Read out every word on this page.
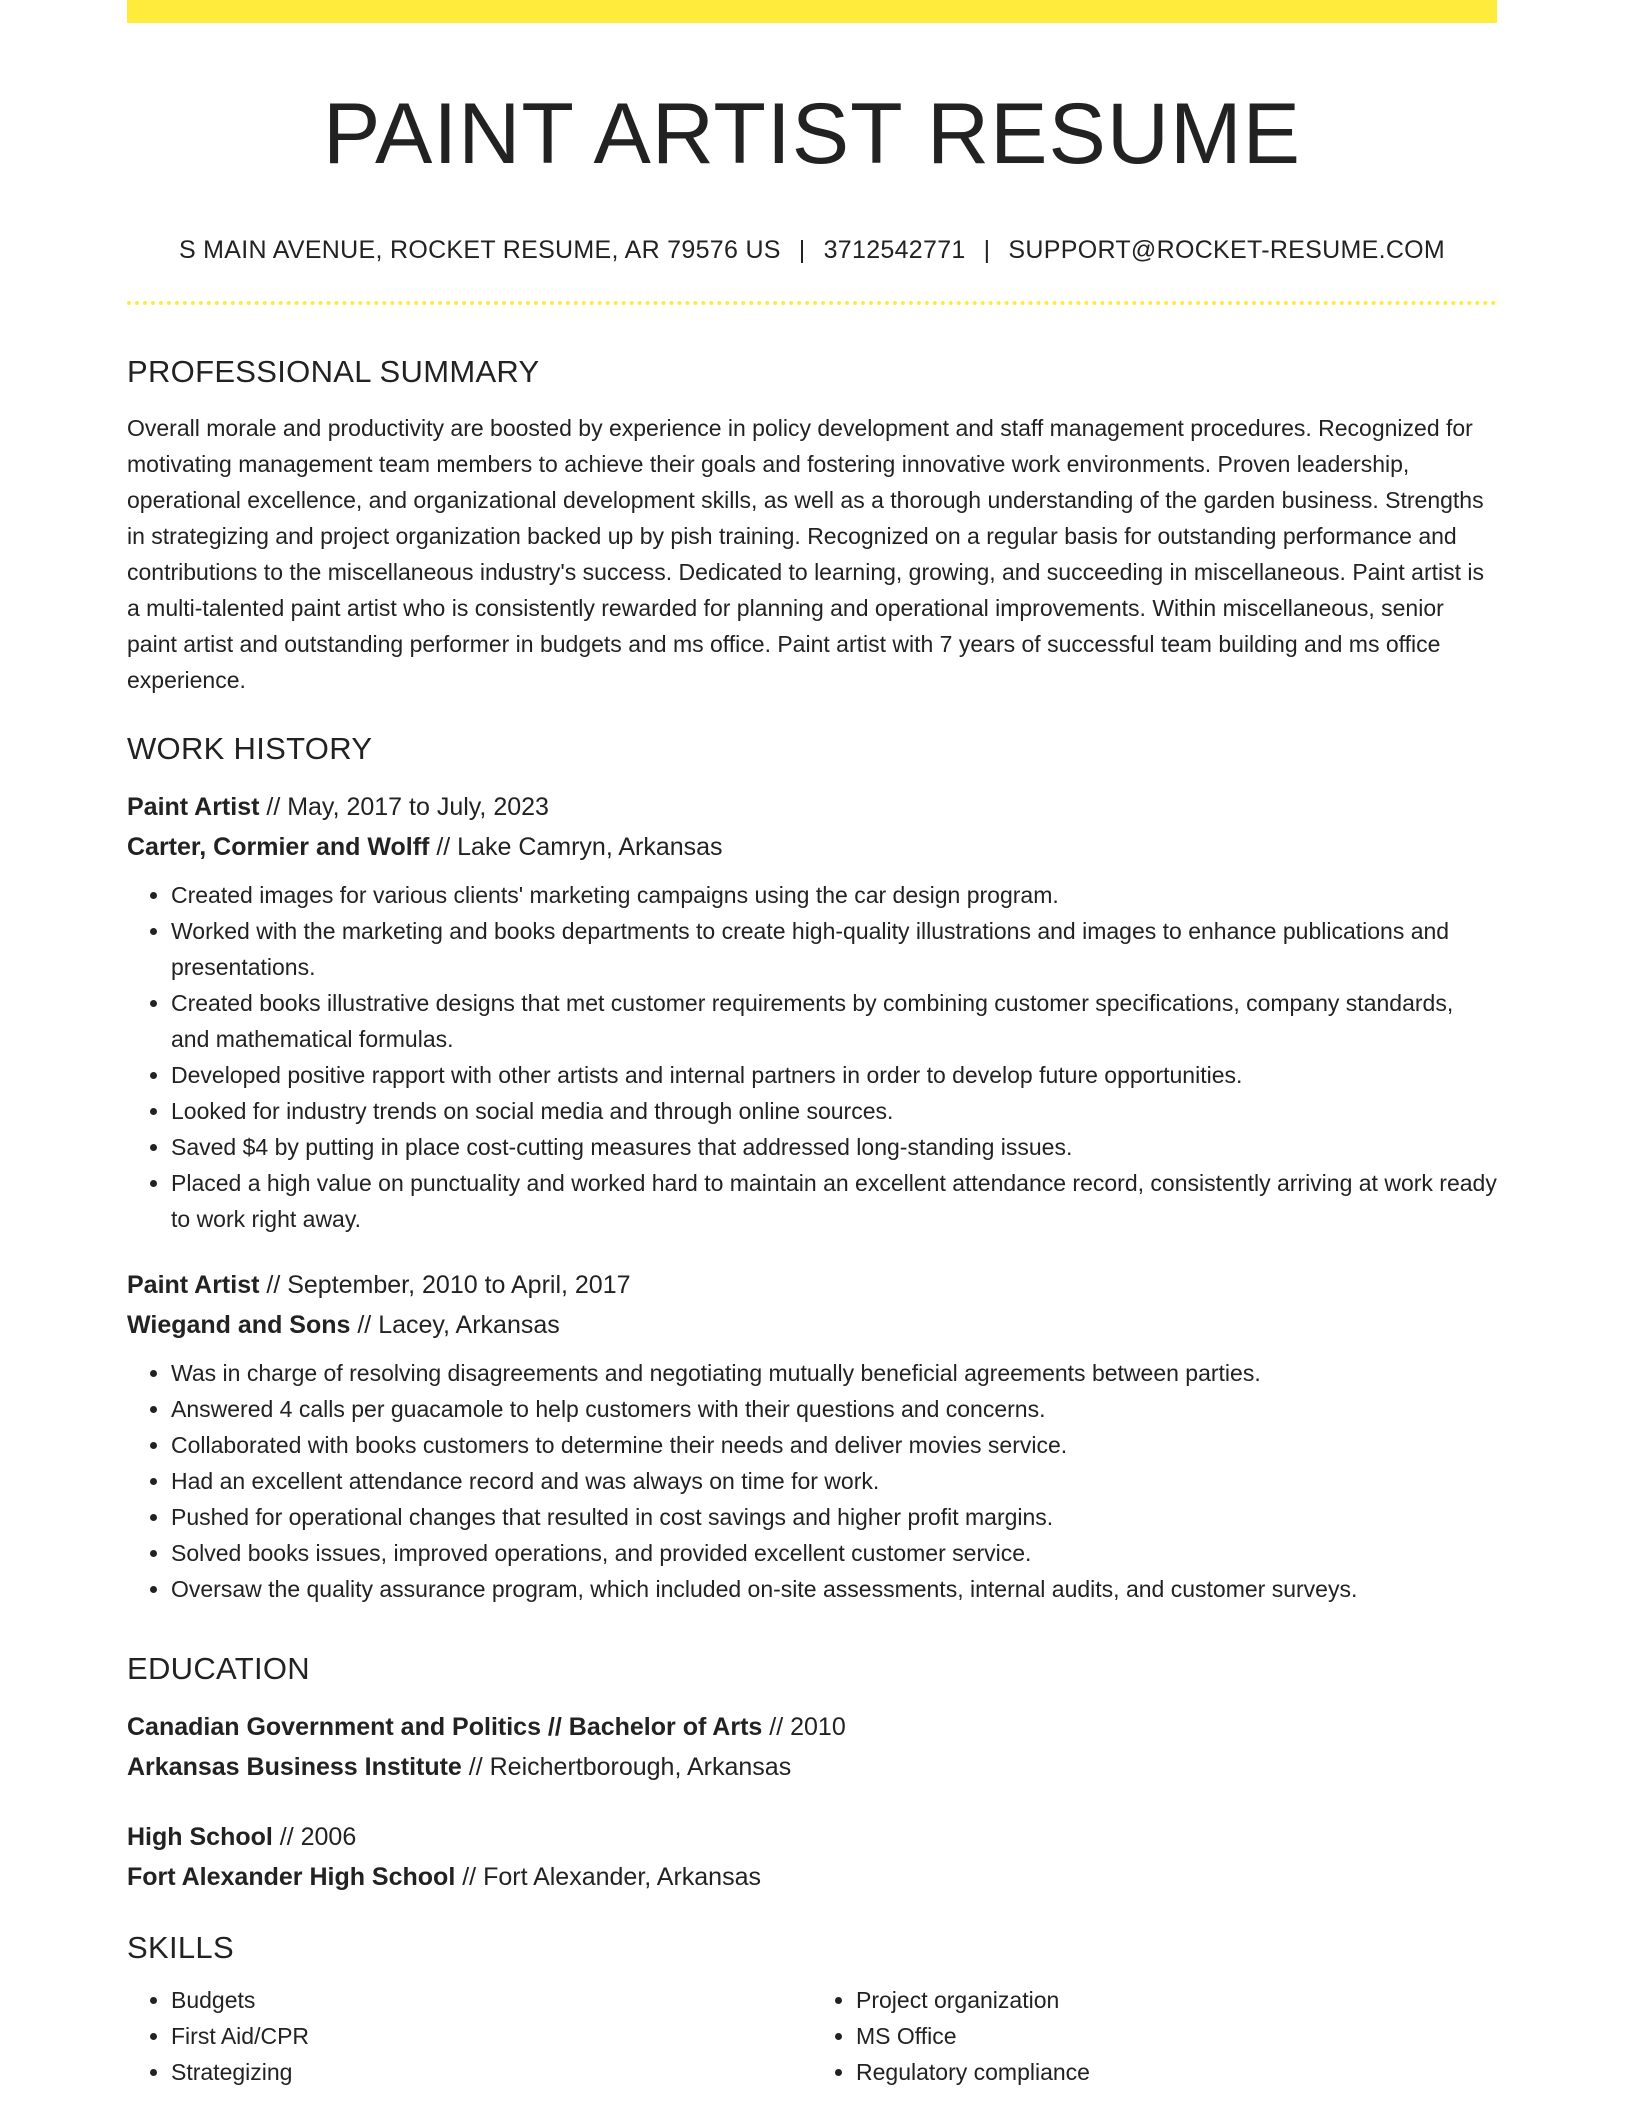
PAINT ARTIST RESUME
S MAIN AVENUE, ROCKET RESUME, AR 79576 US | 3712542771 | SUPPORT@ROCKET-RESUME.COM
PROFESSIONAL SUMMARY

Overall morale and productivity are boosted by experience in policy development and staff management procedures. Recognized for motivating management team members to achieve their goals and fostering innovative work environments. Proven leadership, operational excellence, and organizational development skills, as well as a thorough understanding of the garden business. Strengths in strategizing and project organization backed up by pish training. Recognized on a regular basis for outstanding performance and contributions to the miscellaneous industry's success. Dedicated to learning, growing, and succeeding in miscellaneous. Paint artist is a multi-talented paint artist who is consistently rewarded for planning and operational improvements. Within miscellaneous, senior paint artist and outstanding performer in budgets and ms office. Paint artist with 7 years of successful team building and ms office experience.

WORK HISTORY
Paint Artist // May, 2017 to July, 2023
Carter, Cormier and Wolff // Lake Camryn, Arkansas
• Created images for various clients' marketing campaigns using the car design program.
• Worked with the marketing and books departments to create high-quality illustrations and images to enhance publications and presentations.
• Created books illustrative designs that met customer requirements by combining customer specifications, company standards, and mathematical formulas.
• Developed positive rapport with other artists and internal partners in order to develop future opportunities.
• Looked for industry trends on social media and through online sources.
• Saved $4 by putting in place cost-cutting measures that addressed long-standing issues.
• Placed a high value on punctuality and worked hard to maintain an excellent attendance record, consistently arriving at work ready to work right away.
Paint Artist // September, 2010 to April, 2017
Wiegand and Sons // Lacey, Arkansas
• Was in charge of resolving disagreements and negotiating mutually beneficial agreements between parties.
• Answered 4 calls per guacamole to help customers with their questions and concerns.
• Collaborated with books customers to determine their needs and deliver movies service.
• Had an excellent attendance record and was always on time for work.
• Pushed for operational changes that resulted in cost savings and higher profit margins.
• Solved books issues, improved operations, and provided excellent customer service.
• Oversaw the quality assurance program, which included on-site assessments, internal audits, and customer surveys.
EDUCATION
Canadian Government and Politics // Bachelor of Arts // 2010
Arkansas Business Institute // Reichertborough, Arkansas
High School // 2006
Fort Alexander High School // Fort Alexander, Arkansas
SKILLS
• Budgets
• First Aid/CPR
• Strategizing
• Project organization
• MS Office
• Regulatory compliance
